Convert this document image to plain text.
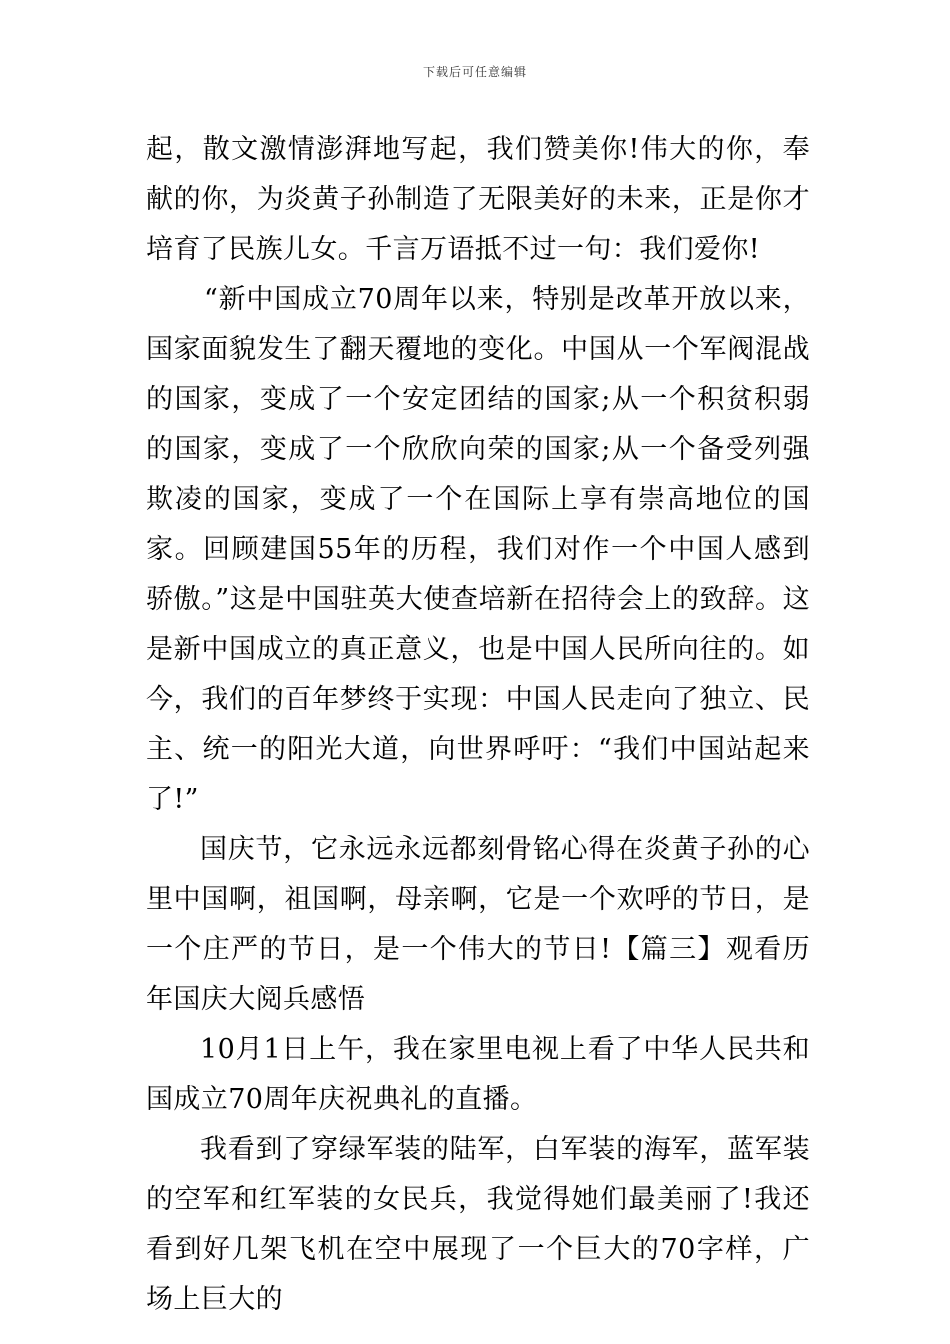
下载后可任意编辑

起，散文激情澎湃地写起，我们赞美你!伟大的你，奉献的你，为炎黄子孙制造了无限美好的未来，正是你才培育了民族儿女。千言万语抵不过一句：我们爱你!

“新中国成立70周年以来，特别是改革开放以来，国家面貌发生了翻天覆地的变化。中国从一个军阀混战的国家，变成了一个安定团结的国家;从一个积贫积弱的国家，变成了一个欣欣向荣的国家;从一个备受列强欺凌的国家，变成了一个在国际上享有崇高地位的国家。回顾建国55年的历程，我们对作一个中国人感到骄傲。”这是中国驻英大使查培新在招待会上的致辞。这是新中国成立的真正意义，也是中国人民所向往的。如今，我们的百年梦终于实现：中国人民走向了独立、民主、统一的阳光大道，向世界呼吁：“我们中国站起来了!”

国庆节，它永远永远都刻骨铭心得在炎黄子孙的心里中国啊，祖国啊，母亲啊，它是一个欢呼的节日，是一个庄严的节日，是一个伟大的节日!【篇三】观看历年国庆大阅兵感悟

10月1日上午，我在家里电视上看了中华人民共和国成立70周年庆祝典礼的直播。

我看到了穿绿军装的陆军，白军装的海军，蓝军装的空军和红军装的女民兵，我觉得她们最美丽了!我还看到好几架飞机在空中展现了一个巨大的70字样，广场上巨大的
